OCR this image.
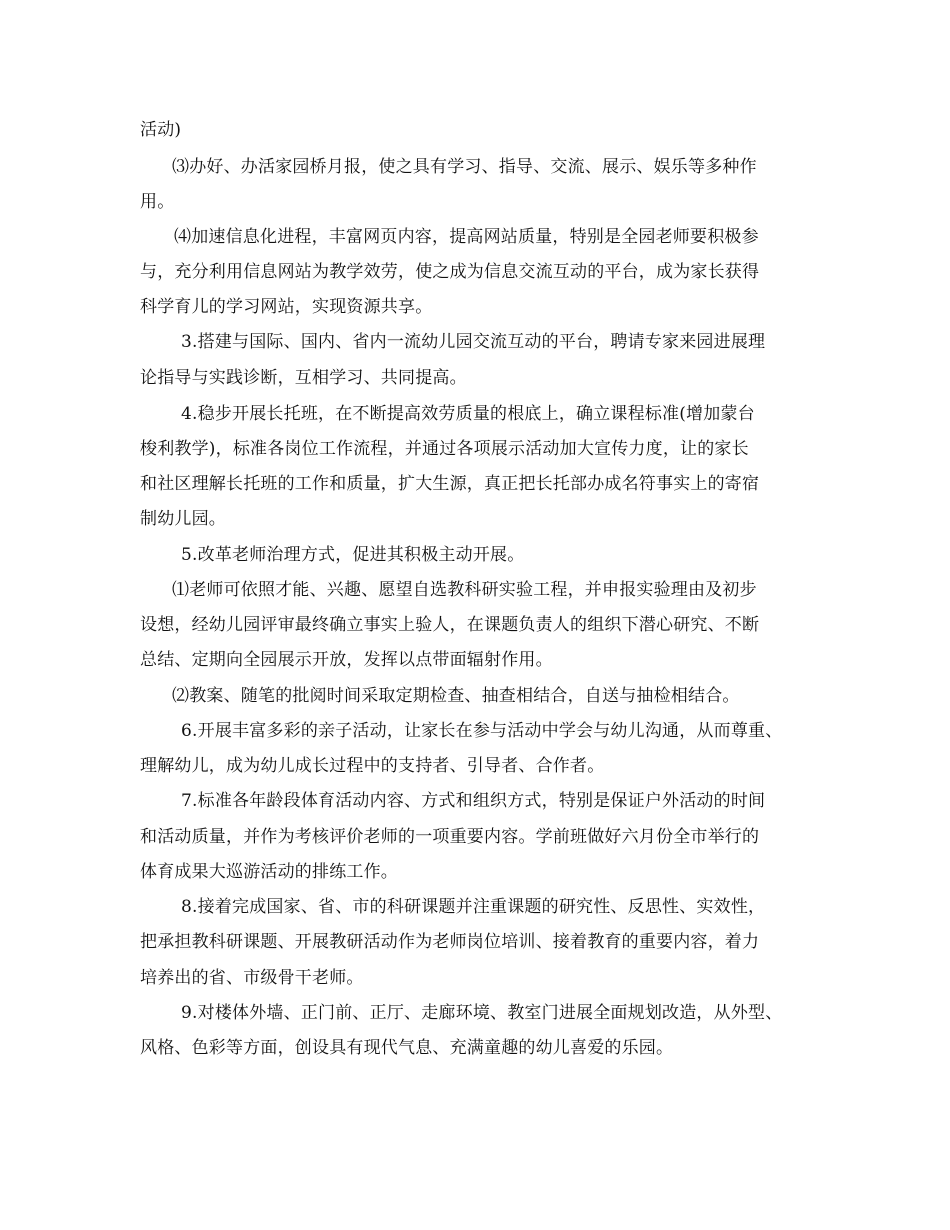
活动)
⑶办好、办活家园桥月报，使之具有学习、指导、交流、展示、娱乐等多种作
用。
⑷加速信息化进程，丰富网页内容，提高网站质量，特别是全园老师要积极参
与，充分利用信息网站为教学效劳，使之成为信息交流互动的平台，成为家长获得
科学育儿的学习网站，实现资源共享。
3.搭建与国际、国内、省内一流幼儿园交流互动的平台，聘请专家来园进展理
论指导与实践诊断，互相学习、共同提高。
4.稳步开展长托班，在不断提高效劳质量的根底上，确立课程标准(增加蒙台
梭利教学)，标准各岗位工作流程，并通过各项展示活动加大宣传力度，让的家长
和社区理解长托班的工作和质量，扩大生源，真正把长托部办成名符事实上的寄宿
制幼儿园。
5.改革老师治理方式，促进其积极主动开展。
⑴老师可依照才能、兴趣、愿望自选教科研实验工程，并申报实验理由及初步
设想，经幼儿园评审最终确立事实上验人，在课题负责人的组织下潜心研究、不断
总结、定期向全园展示开放，发挥以点带面辐射作用。
⑵教案、随笔的批阅时间采取定期检查、抽查相结合，自送与抽检相结合。
6.开展丰富多彩的亲子活动，让家长在参与活动中学会与幼儿沟通，从而尊重、
理解幼儿，成为幼儿成长过程中的支持者、引导者、合作者。
7.标准各年龄段体育活动内容、方式和组织方式，特别是保证户外活动的时间
和活动质量，并作为考核评价老师的一项重要内容。学前班做好六月份全市举行的
体育成果大巡游活动的排练工作。
8.接着完成国家、省、市的科研课题并注重课题的研究性、反思性、实效性，
把承担教科研课题、开展教研活动作为老师岗位培训、接着教育的重要内容，着力
培养出的省、市级骨干老师。
9.对楼体外墙、正门前、正厅、走廊环境、教室门进展全面规划改造，从外型、
风格、色彩等方面，创设具有现代气息、充满童趣的幼儿喜爱的乐园。
